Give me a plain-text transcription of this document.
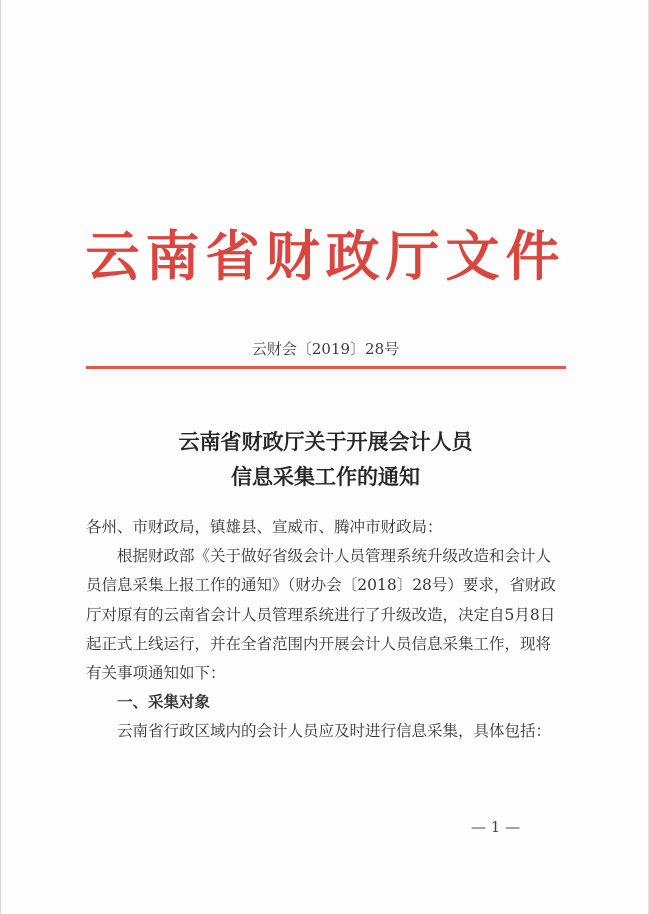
云南省财政厅文件
云财会〔2019〕28号
云南省财政厅关于开展会计人员
信息采集工作的通知

各州、市财政局，镇雄县、宣威市、腾冲市财政局：

根据财政部《关于做好省级会计人员管理系统升级改造和会计人员信息采集上报工作的通知》（财办会〔2018〕28号）要求，省财政厅对原有的云南省会计人员管理系统进行了升级改造，决定自5月8日起正式上线运行，并在全省范围内开展会计人员信息采集工作，现将有关事项通知如下：

一、采集对象

云南省行政区域内的会计人员应及时进行信息采集，具体包括：

— 1 —
